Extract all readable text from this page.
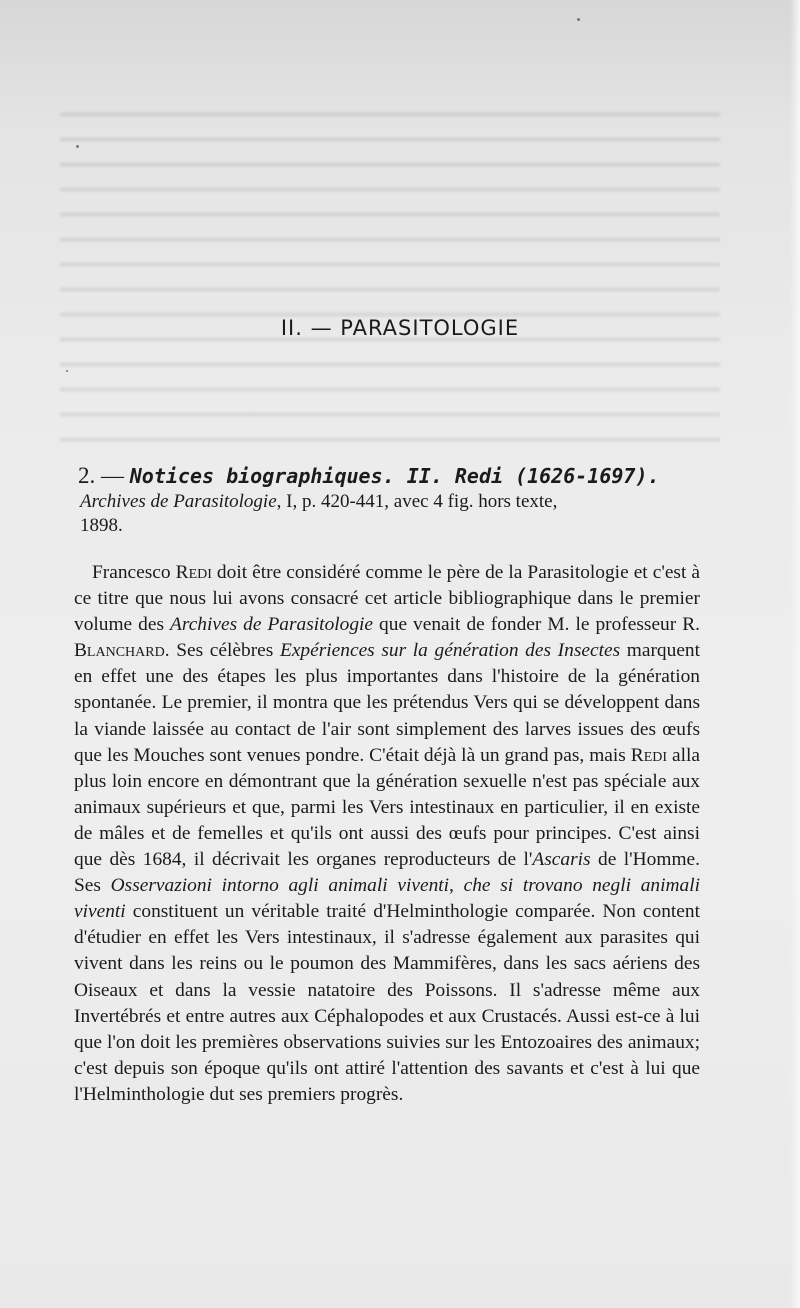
II. — PARASITOLOGIE
2. — Notices biographiques. II. Redi (1626-1697).
Archives de Parasitologie, I, p. 420-441, avec 4 fig. hors texte,
1898.
Francesco Redi doit être considéré comme le père de la Parasitologie et c'est à ce titre que nous lui avons consacré cet article bibliographique dans le premier volume des Archives de Parasitologie que venait de fonder M. le professeur R. Blanchard. Ses célèbres Expériences sur la génération des Insectes marquent en effet une des étapes les plus importantes dans l'histoire de la génération spontanée. Le premier, il montra que les prétendus Vers qui se développent dans la viande laissée au contact de l'air sont simplement des larves issues des œufs que les Mouches sont venues pondre. C'était déjà là un grand pas, mais Redi alla plus loin encore en démontrant que la génération sexuelle n'est pas spéciale aux animaux supérieurs et que, parmi les Vers intestinaux en particulier, il en existe de mâles et de femelles et qu'ils ont aussi des œufs pour principes. C'est ainsi que dès 1684, il décrivait les organes reproducteurs de l'Ascaris de l'Homme. Ses Osservazioni intorno agli animali viventi, che si trovano negli animali viventi constituent un véritable traité d'Helminthologie comparée. Non content d'étudier en effet les Vers intestinaux, il s'adresse également aux parasites qui vivent dans les reins ou le poumon des Mammifères, dans les sacs aériens des Oiseaux et dans la vessie natatoire des Poissons. Il s'adresse même aux Invertébrés et entre autres aux Céphalopodes et aux Crustacés. Aussi est-ce à lui que l'on doit les premières observations suivies sur les Entozoaires des animaux; c'est depuis son époque qu'ils ont attiré l'attention des savants et c'est à lui que l'Helminthologie dut ses premiers progrès.
